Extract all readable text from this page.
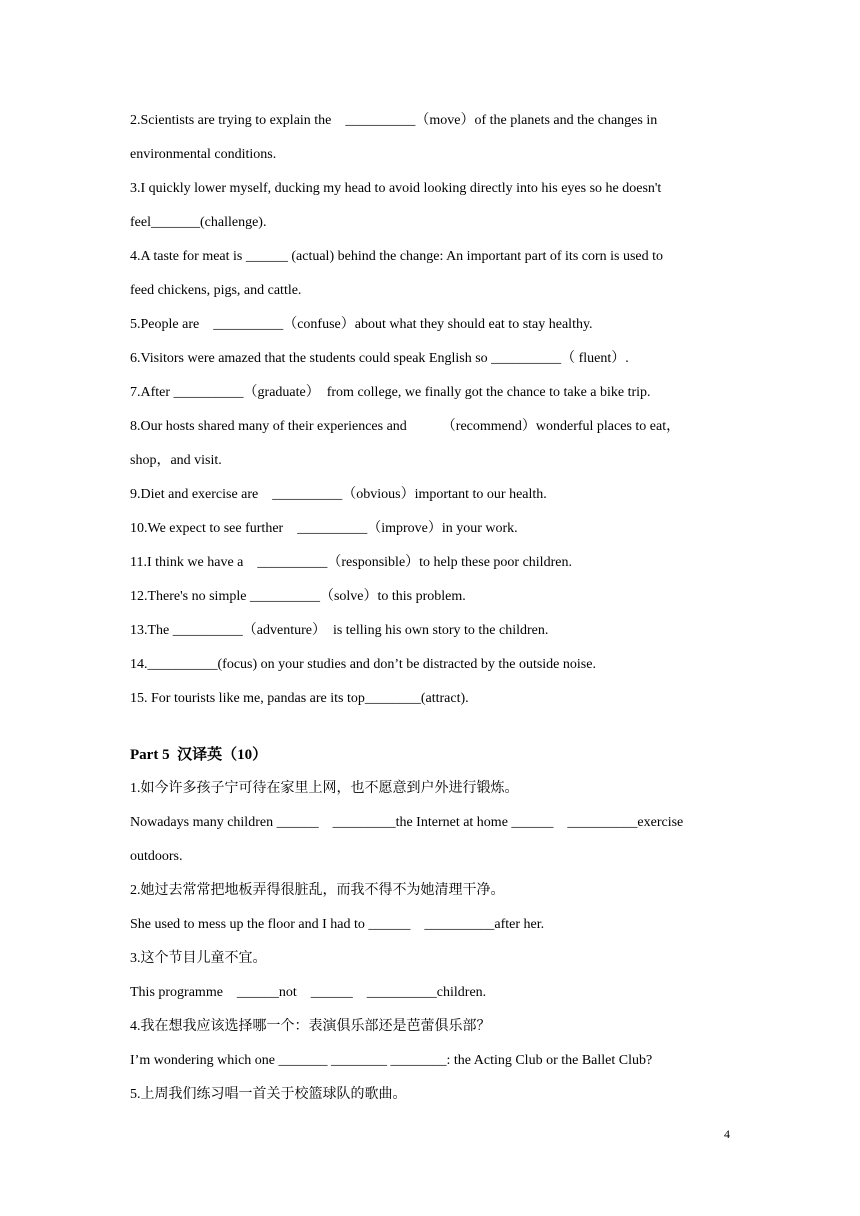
2.Scientists are trying to explain the    __________（move）of the planets and the changes in
environmental conditions.
3.I quickly lower myself, ducking my head to avoid looking directly into his eyes so he doesn't
feel_______(challenge).
4.A taste for meat is ______ (actual) behind the change: An important part of its corn is used to
feed chickens, pigs, and cattle.
5.People are    __________（confuse）about what they should eat to stay healthy.
6.Visitors were amazed that the students could speak English so __________（ fluent）.
7.After __________（graduate）  from college, we finally got the chance to take a bike trip.
8.Our hosts shared many of their experiences and          （recommend）wonderful places to eat，
shop，and visit.
9.Diet and exercise are    __________（obvious）important to our health.
10.We expect to see further    __________（improve）in your work.
11.I think we have a    __________（responsible）to help these poor children.
12.There's no simple __________（solve）to this problem.
13.The __________（adventure）  is telling his own story to the children.
14.__________(focus) on your studies and don’t be distracted by the outside noise.
15. For tourists like me, pandas are its top________(attract).
Part 5  汉译英（10）
1.如今许多孩子宁可待在家里上网，也不愿意到户外进行锻炼。
Nowadays many children ______    _________the Internet at home ______    __________exercise
outdoors.
2.她过去常常把地板弄得很脏乱，而我不得不为她清理干净。
She used to mess up the floor and I had to ______    __________after her.
3.这个节目儿童不宜。
This programme    ______not    ______    __________children.
4.我在想我应该选择哪一个：表演俱乐部还是芭蕾俱乐部？
I’m wondering which one _______ ________ ________: the Acting Club or the Ballet Club?
5.上周我们练习唱一首关于校篮球队的歌曲。
4
